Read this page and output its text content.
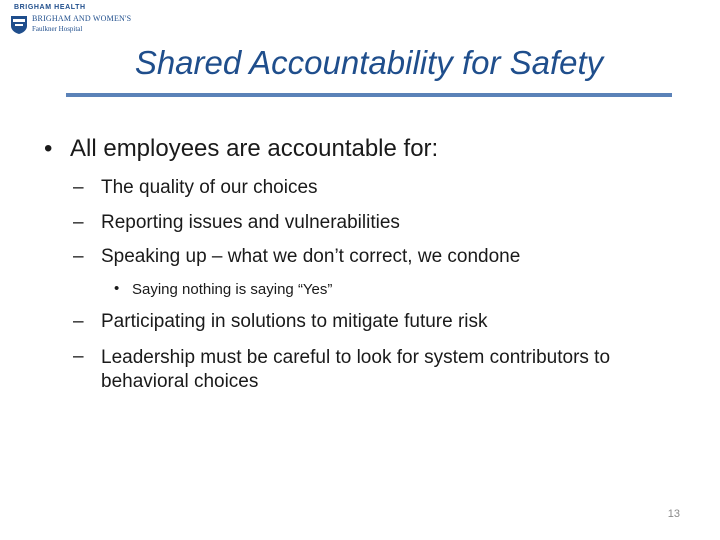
BRIGHAM HEALTH
BRIGHAM AND WOMEN'S
Faulkner Hospital
Shared Accountability for Safety
• All employees are accountable for:
– The quality of our choices
– Reporting issues and vulnerabilities
– Speaking up – what we don’t correct, we condone
• Saying nothing is saying “Yes”
– Participating in solutions to mitigate future risk
– Leadership must be careful to look for system contributors to behavioral choices
13
